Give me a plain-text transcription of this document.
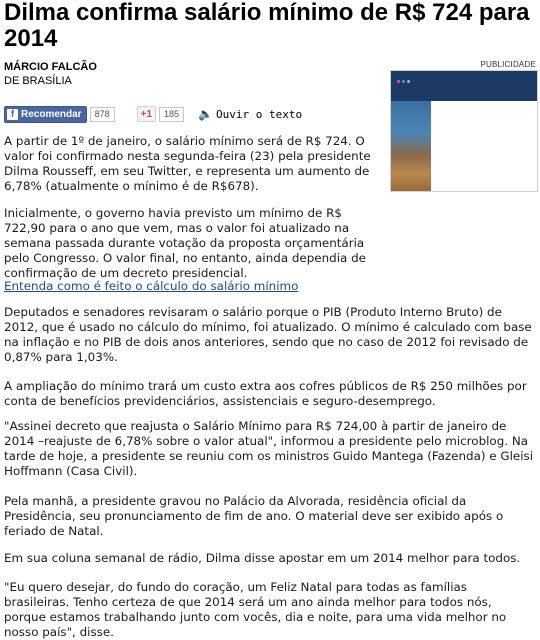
Dilma confirma salário mínimo de R$ 724 para 2014
MÁRCIO FALCÃO
DE BRASÍLIA
PUBLICIDADE
f Recomendar	878	+1	185	🔈 Ouvir o texto

A partir de 1º de janeiro, o salário mínimo será de R$ 724. O valor foi confirmado nesta segunda-feira (23) pela presidente Dilma Rousseff, em seu Twitter, e representa um aumento de 6,78% (atualmente o mínimo é de R$678).

Inicialmente, o governo havia previsto um mínimo de R$ 722,90 para o ano que vem, mas o valor foi atualizado na semana passada durante votação da proposta orçamentária pelo Congresso. O valor final, no entanto, ainda dependia de confirmação de um decreto presidencial.

Entenda como é feito o cálculo do salário mínimo

Deputados e senadores revisaram o salário porque o PIB (Produto Interno Bruto) de 2012, que é usado no cálculo do mínimo, foi atualizado. O mínimo é calculado com base na inflação e no PIB de dois anos anteriores, sendo que no caso de 2012 foi revisado de 0,87% para 1,03%.

A ampliação do mínimo trará um custo extra aos cofres públicos de R$ 250 milhões por conta de benefícios previdenciários, assistenciais e seguro-desemprego.

"Assinei decreto que reajusta o Salário Mínimo para R$ 724,00 à partir de janeiro de 2014 –reajuste de 6,78% sobre o valor atual", informou a presidente pelo microblog. Na tarde de hoje, a presidente se reuniu com os ministros Guido Mantega (Fazenda) e Gleisi Hoffmann (Casa Civil).

Pela manhã, a presidente gravou no Palácio da Alvorada, residência oficial da Presidência, seu pronunciamento de fim de ano. O material deve ser exibido após o feriado de Natal.

Em sua coluna semanal de rádio, Dilma disse apostar em um 2014 melhor para todos.

"Eu quero desejar, do fundo do coração, um Feliz Natal para todas as famílias brasileiras. Tenho certeza de que 2014 será um ano ainda melhor para todos nós, porque estamos trabalhando junto com vocês, dia e noite, para uma vida melhor no nosso país", disse.
